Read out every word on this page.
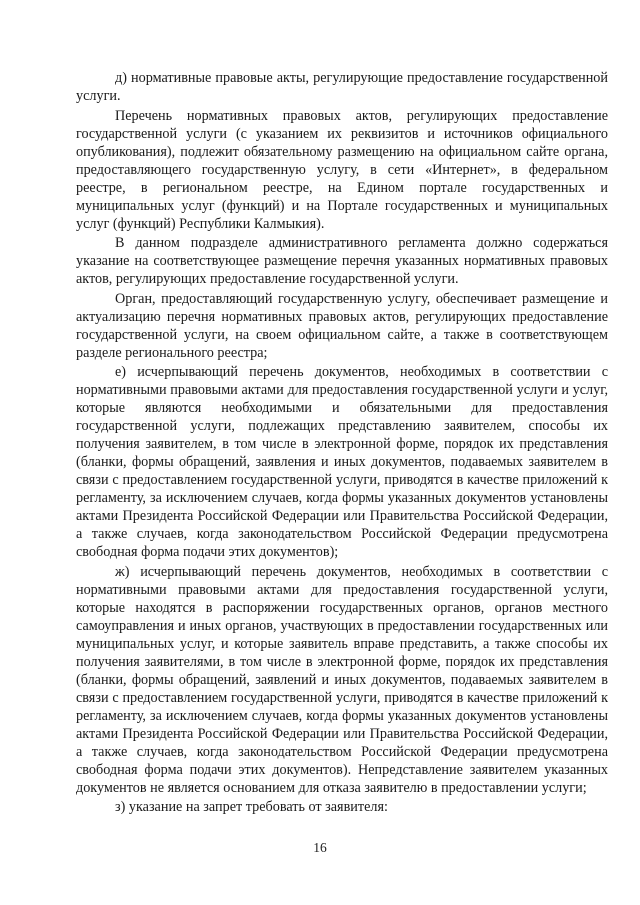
д) нормативные правовые акты, регулирующие предоставление государственной услуги.

Перечень нормативных правовых актов, регулирующих предоставление государственной услуги (с указанием их реквизитов и источников официального опубликования), подлежит обязательному размещению на официальном сайте органа, предоставляющего государственную услугу, в сети «Интернет», в федеральном реестре, в региональном реестре, на Едином портале государственных и муниципальных услуг (функций) и на Портале государственных и муниципальных услуг (функций) Республики Калмыкия).

В данном подразделе административного регламента должно содержаться указание на соответствующее размещение перечня указанных нормативных правовых актов, регулирующих предоставление государственной услуги.

Орган, предоставляющий государственную услугу, обеспечивает размещение и актуализацию перечня нормативных правовых актов, регулирующих предоставление государственной услуги, на своем официальном сайте, а также в соответствующем разделе регионального реестра;

е) исчерпывающий перечень документов, необходимых в соответствии с нормативными правовыми актами для предоставления государственной услуги и услуг, которые являются необходимыми и обязательными для предоставления государственной услуги, подлежащих представлению заявителем, способы их получения заявителем, в том числе в электронной форме, порядок их представления (бланки, формы обращений, заявления и иных документов, подаваемых заявителем в связи с предоставлением государственной услуги, приводятся в качестве приложений к регламенту, за исключением случаев, когда формы указанных документов установлены актами Президента Российской Федерации или Правительства Российской Федерации, а также случаев, когда законодательством Российской Федерации предусмотрена свободная форма подачи этих документов);

ж) исчерпывающий перечень документов, необходимых в соответствии с нормативными правовыми актами для предоставления государственной услуги, которые находятся в распоряжении государственных органов, органов местного самоуправления и иных органов, участвующих в предоставлении государственных или муниципальных услуг, и которые заявитель вправе представить, а также способы их получения заявителями, в том числе в электронной форме, порядок их представления (бланки, формы обращений, заявлений и иных документов, подаваемых заявителем в связи с предоставлением государственной услуги, приводятся в качестве приложений к регламенту, за исключением случаев, когда формы указанных документов установлены актами Президента Российской Федерации или Правительства Российской Федерации, а также случаев, когда законодательством Российской Федерации предусмотрена свободная форма подачи этих документов). Непредставление заявителем указанных документов не является основанием для отказа заявителю в предоставлении услуги;

з) указание на запрет требовать от заявителя:

16
